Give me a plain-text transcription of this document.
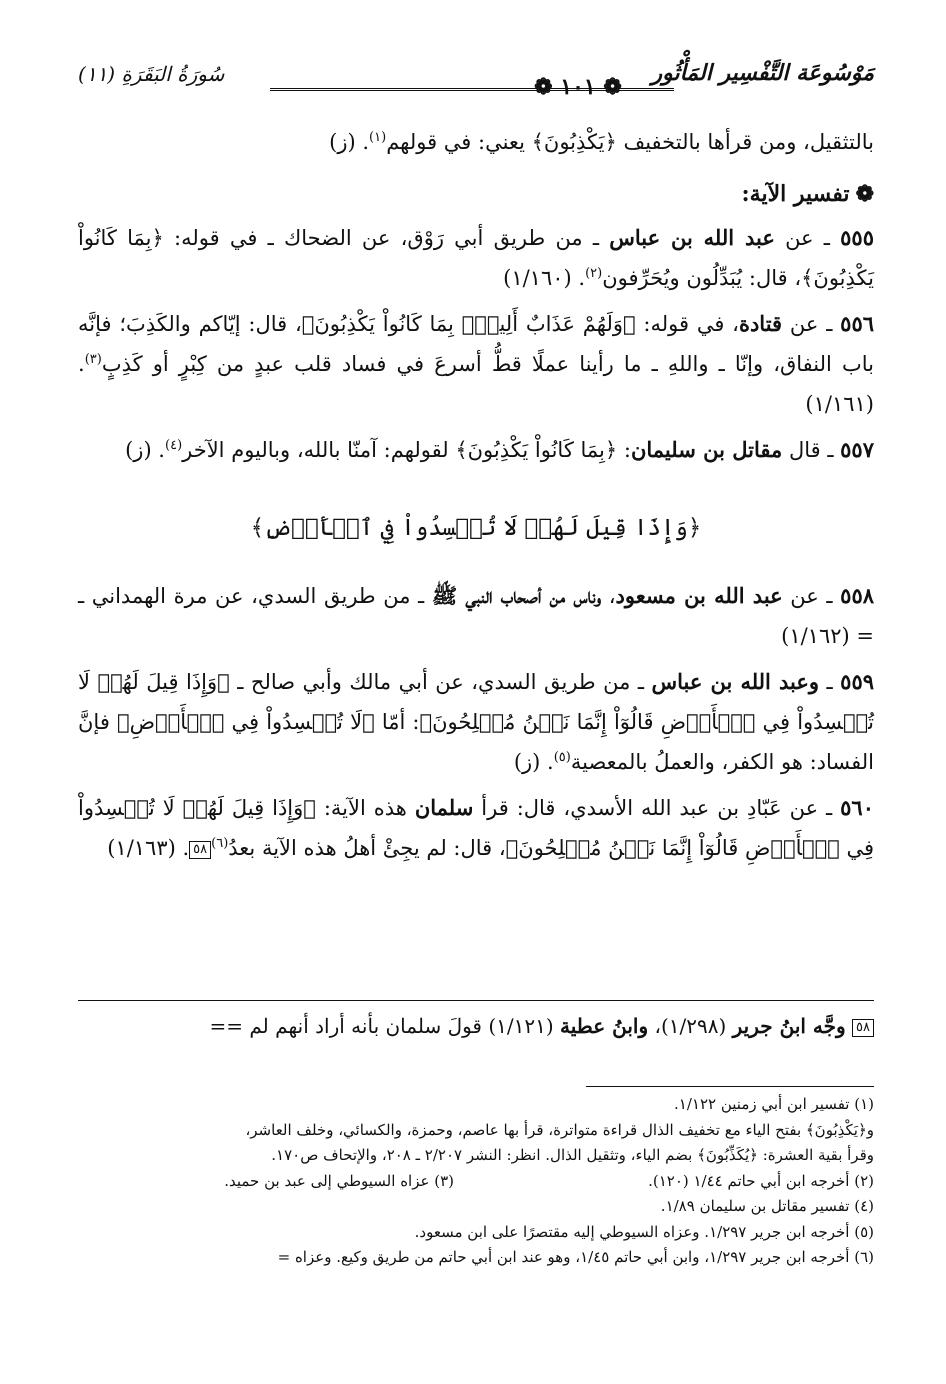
مَوْسُوعَة التَّفْسِير المَأْثُور
❁ ١٠١ ❁
سُورَةُ البَقَرَةِ (١١)

بالتثقيل، ومن قرأها بالتخفيف ﴿يَكْذِبُونَ﴾ يعني: في قولهم$^{(١)}$. (ز)

❁تفسير الآية:

٥٥٥ ـ عن عبد الله بن عباس ـ من طريق أبي رَوْق، عن الضحاك ـ في قوله: ﴿بِمَا كَانُواْ يَكْذِبُونَ﴾، قال: يُبَدِّلُون ويُحَرِّفون$^{(٢)}$. (١/١٦٠)

٥٥٦ ـ عن قتادة، في قوله: ﴿وَلَهُمْ عَذَابٌ أَلِيمُۢ بِمَا كَانُواْ يَكْذِبُونَ﴾، قال: إيّاكم والكَذِبَ؛ فإنَّه باب النفاق، وإنّا ـ واللهِ ـ ما رأينا عملًا قطُّ أسرعَ في فساد قلب عبدٍ من كِبْرٍ أو كَذِبٍ$^{(٣)}$. (١/١٦١)

٥٥٧ ـ قال مقاتل بن سليمان: ﴿بِمَا كَانُواْ يَكْذِبُونَ﴾ لقولهم: آمنّا بالله، وباليوم الآخر$^{(٤)}$. (ز)

﴿وَإِذَا قِيلَ لَهُمۡ لَا تُفۡسِدُواْ فِي ٱلۡأَرۡضِ﴾

٥٥٨ ـ عن عبد الله بن مسعود، وناس من أصحاب النبي ﷺ ـ من طريق السدي، عن مرة الهمداني ـ = (١/١٦٢)

٥٥٩ ـ وعبد الله بن عباس ـ من طريق السدي، عن أبي مالك وأبي صالح ـ ﴿وَإِذَا قِيلَ لَهُمۡ لَا تُفۡسِدُواْ فِي ٱلۡأَرۡضِ قَالُوٓاْ إِنَّمَا نَحۡنُ مُصۡلِحُونَ﴾: أمّا ﴿لَا تُفۡسِدُواْ فِي ٱلۡأَرۡضِ﴾ فإنَّ الفساد: هو الكفر، والعملُ بالمعصية$^{(٥)}$. (ز)

٥٦٠ ـ عن عَبّادِ بن عبد الله الأسدي، قال: قرأ سلمان هذه الآية: ﴿وَإِذَا قِيلَ لَهُمۡ لَا تُفۡسِدُواْ فِي ٱلۡأَرۡضِ قَالُوٓاْ إِنَّمَا نَحۡنُ مُصۡلِحُونَ﴾، قال: لم يجِئْ أهلُ هذه الآية بعدُ$^{(٦)}$٥٨. (١/١٦٣)

٥٨ وجَّه ابنُ جرير (١/٢٩٨)، وابنُ عطية (١/١٢١) قولَ سلمان بأنه أراد أنهم لم ==

(١) تفسير ابن أبي زمنين ١/١٢٢.

و﴿يَكْذِبُونَ﴾ بفتح الياء مع تخفيف الذال قراءة متواترة، قرأ بها عاصم، وحمزة، والكسائي، وخلف العاشر،

وقرأ بقية العشرة: ﴿يُكَذِّبُونَ﴾ بضم الياء، وتثقيل الذال. انظر: النشر ٢/٢٠٧ ـ ٢٠٨، والإتحاف ص١٧٠.

(٢) أخرجه ابن أبي حاتم ١/٤٤ (١٢٠).
(٣) عزاه السيوطي إلى عبد بن حميد.

(٤) تفسير مقاتل بن سليمان ١/٨٩.

(٥) أخرجه ابن جرير ١/٢٩٧. وعزاه السيوطي إليه مقتصرًا على ابن مسعود.

(٦) أخرجه ابن جرير ١/٢٩٧، وابن أبي حاتم ١/٤٥، وهو عند ابن أبي حاتم من طريق وكيع. وعزاه =
